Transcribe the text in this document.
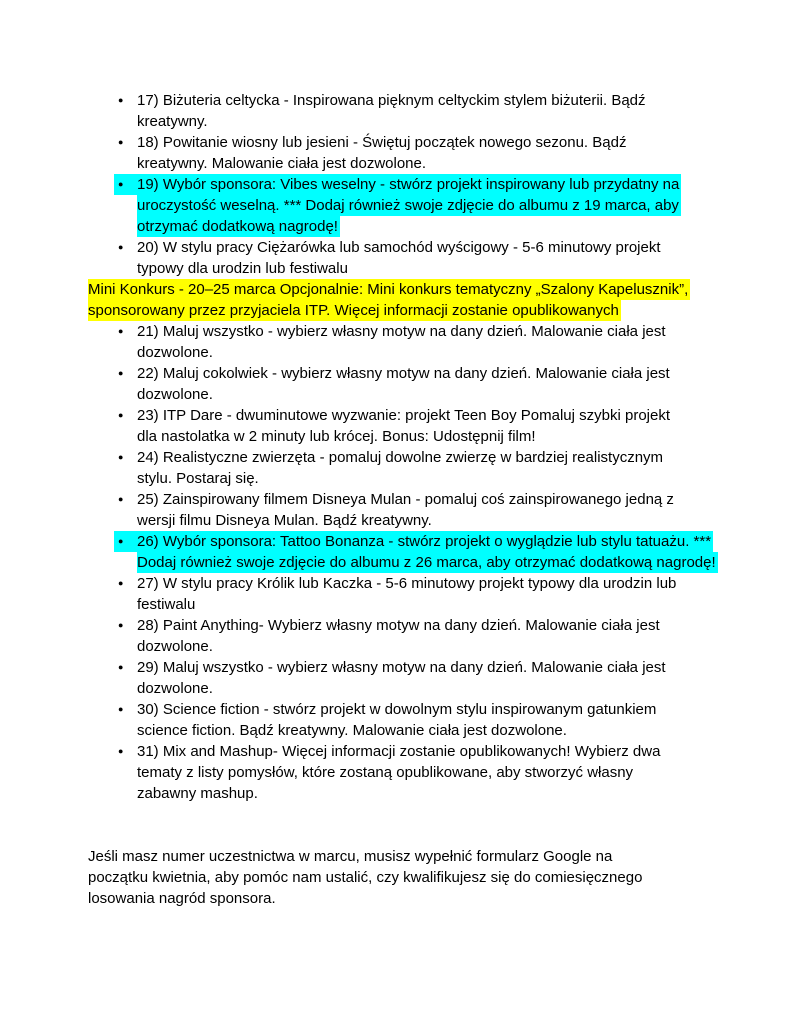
● 17) Biżuteria celtycka - Inspirowana pięknym celtyckim stylem biżuterii. Bądź
kreatywny.
● 18) Powitanie wiosny lub jesieni - Świętuj początek nowego sezonu. Bądź
kreatywny. Malowanie ciała jest dozwolone.
● 19) Wybór sponsora: Vibes weselny - stwórz projekt inspirowany lub przydatny na
uroczystość weselną. *** Dodaj również swoje zdjęcie do albumu z 19 marca, aby
otrzymać dodatkową nagrodę!
● 20) W stylu pracy Ciężarówka lub samochód wyścigowy - 5-6 minutowy projekt
typowy dla urodzin lub festiwalu
Mini Konkurs - 20–25 marca Opcjonalnie: Mini konkurs tematyczny „Szalony Kapelusznik”,
sponsorowany przez przyjaciela ITP. Więcej informacji zostanie opublikowanych
● 21) Maluj wszystko - wybierz własny motyw na dany dzień. Malowanie ciała jest
dozwolone.
● 22) Maluj cokolwiek - wybierz własny motyw na dany dzień. Malowanie ciała jest
dozwolone.
● 23) ITP Dare - dwuminutowe wyzwanie: projekt Teen Boy Pomaluj szybki projekt
dla nastolatka w 2 minuty lub krócej. Bonus: Udostępnij film!
● 24) Realistyczne zwierzęta - pomaluj dowolne zwierzę w bardziej realistycznym
stylu. Postaraj się.
● 25) Zainspirowany filmem Disneya Mulan - pomaluj coś zainspirowanego jedną z
wersji filmu Disneya Mulan. Bądź kreatywny.
● 26) Wybór sponsora: Tattoo Bonanza - stwórz projekt o wyglądzie lub stylu tatuażu. ***
Dodaj również swoje zdjęcie do albumu z 26 marca, aby otrzymać dodatkową nagrodę!
● 27) W stylu pracy Królik lub Kaczka - 5-6 minutowy projekt typowy dla urodzin lub
festiwalu
● 28) Paint Anything- Wybierz własny motyw na dany dzień. Malowanie ciała jest
dozwolone.
● 29) Maluj wszystko - wybierz własny motyw na dany dzień. Malowanie ciała jest
dozwolone.
● 30) Science fiction - stwórz projekt w dowolnym stylu inspirowanym gatunkiem
science fiction. Bądź kreatywny. Malowanie ciała jest dozwolone.
● 31) Mix and Mashup- Więcej informacji zostanie opublikowanych! Wybierz dwa
tematy z listy pomysłów, które zostaną opublikowane, aby stworzyć własny
zabawny mashup.
Jeśli masz numer uczestnictwa w marcu, musisz wypełnić formularz Google na
początku kwietnia, aby pomóc nam ustalić, czy kwalifikujesz się do comiesięcznego
losowania nagród sponsora.
